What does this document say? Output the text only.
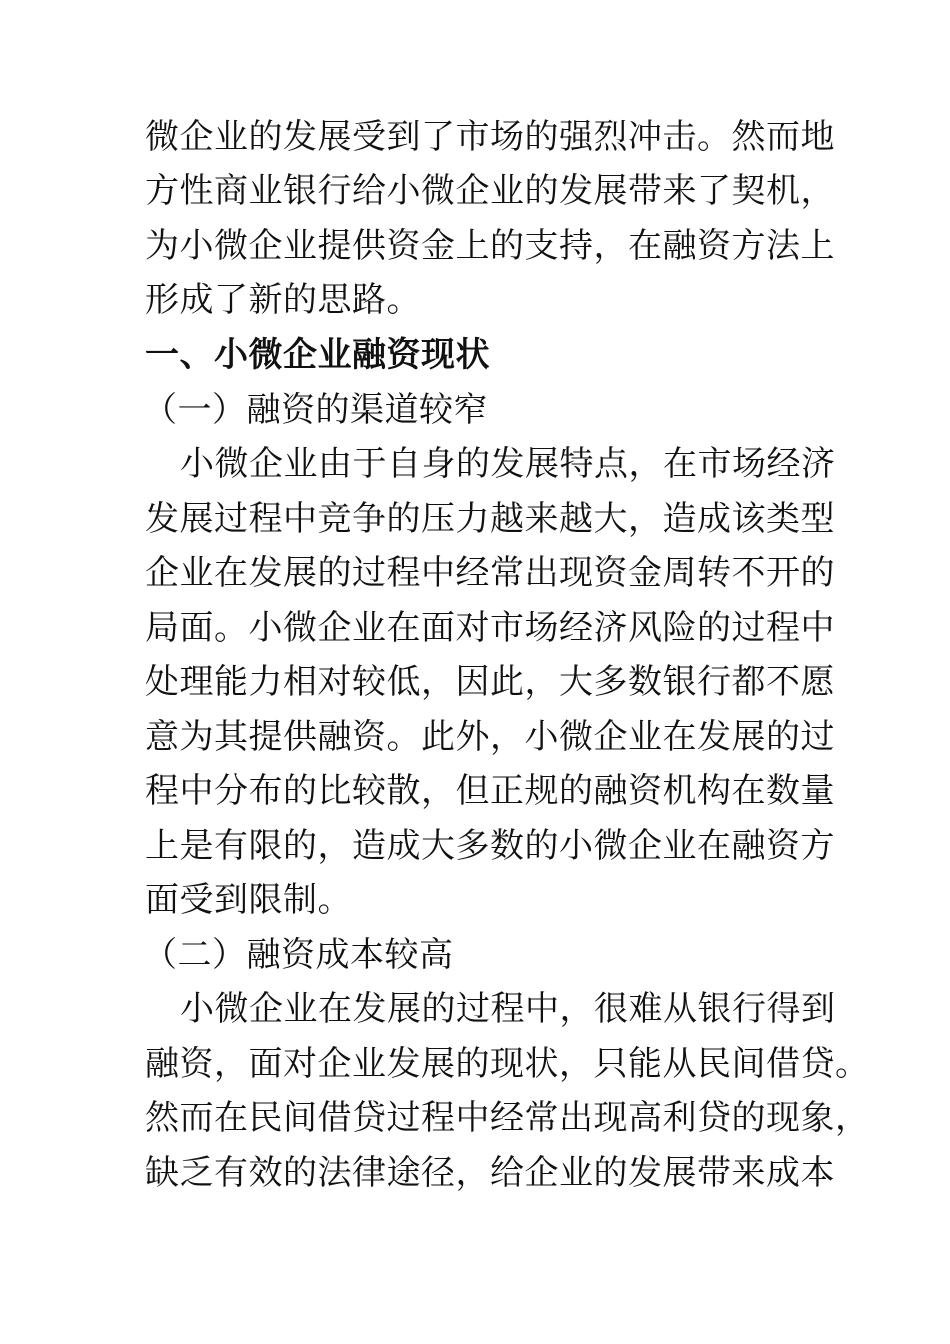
微企业的发展受到了市场的强烈冲击。然而地
方性商业银行给小微企业的发展带来了契机，
为小微企业提供资金上的支持，在融资方法上
形成了新的思路。
一、小微企业融资现状
（一）融资的渠道较窄
小微企业由于自身的发展特点，在市场经济
发展过程中竞争的压力越来越大，造成该类型
企业在发展的过程中经常出现资金周转不开的
局面。小微企业在面对市场经济风险的过程中
处理能力相对较低，因此，大多数银行都不愿
意为其提供融资。此外，小微企业在发展的过
程中分布的比较散，但正规的融资机构在数量
上是有限的，造成大多数的小微企业在融资方
面受到限制。
（二）融资成本较高
小微企业在发展的过程中，很难从银行得到
融资，面对企业发展的现状，只能从民间借贷。
然而在民间借贷过程中经常出现高利贷的现象，
缺乏有效的法律途径，给企业的发展带来成本
